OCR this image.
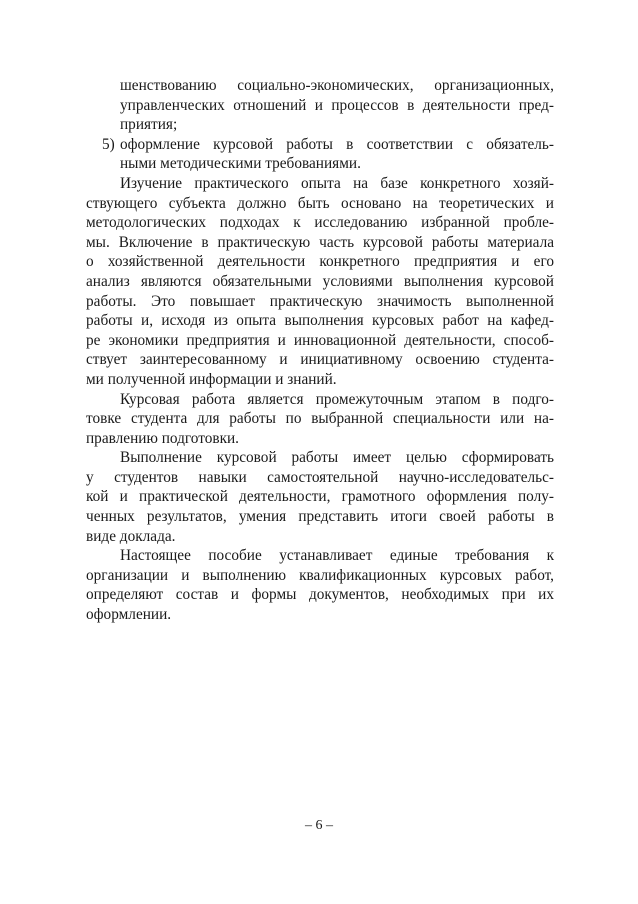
шенствованию социально-экономических, организационных,
управленческих отношений и процессов в деятельности пред-
приятия;
5) оформление курсовой работы в соответствии с обязатель-
ными методическими требованиями.
Изучение практического опыта на базе конкретного хозяй-
ствующего субъекта должно быть основано на теоретических и
методологических подходах к исследованию избранной пробле-
мы. Включение в практическую часть курсовой работы материала
о хозяйственной деятельности конкретного предприятия и его
анализ являются обязательными условиями выполнения курсовой
работы. Это повышает практическую значимость выполненной
работы и, исходя из опыта выполнения курсовых работ на кафед-
ре экономики предприятия и инновационной деятельности, способ-
ствует заинтересованному и инициативному освоению студента-
ми полученной информации и знаний.
Курсовая работа является промежуточным этапом в подго-
товке студента для работы по выбранной специальности или на-
правлению подготовки.
Выполнение курсовой работы имеет целью сформировать
у студентов навыки самостоятельной научно-исследовательс-
кой и практической деятельности, грамотного оформления полу-
ченных результатов, умения представить итоги своей работы в
виде доклада.
Настоящее пособие устанавливает единые требования к
организации и выполнению квалификационных курсовых работ,
определяют состав и формы документов, необходимых при их
оформлении.
– 6 –
